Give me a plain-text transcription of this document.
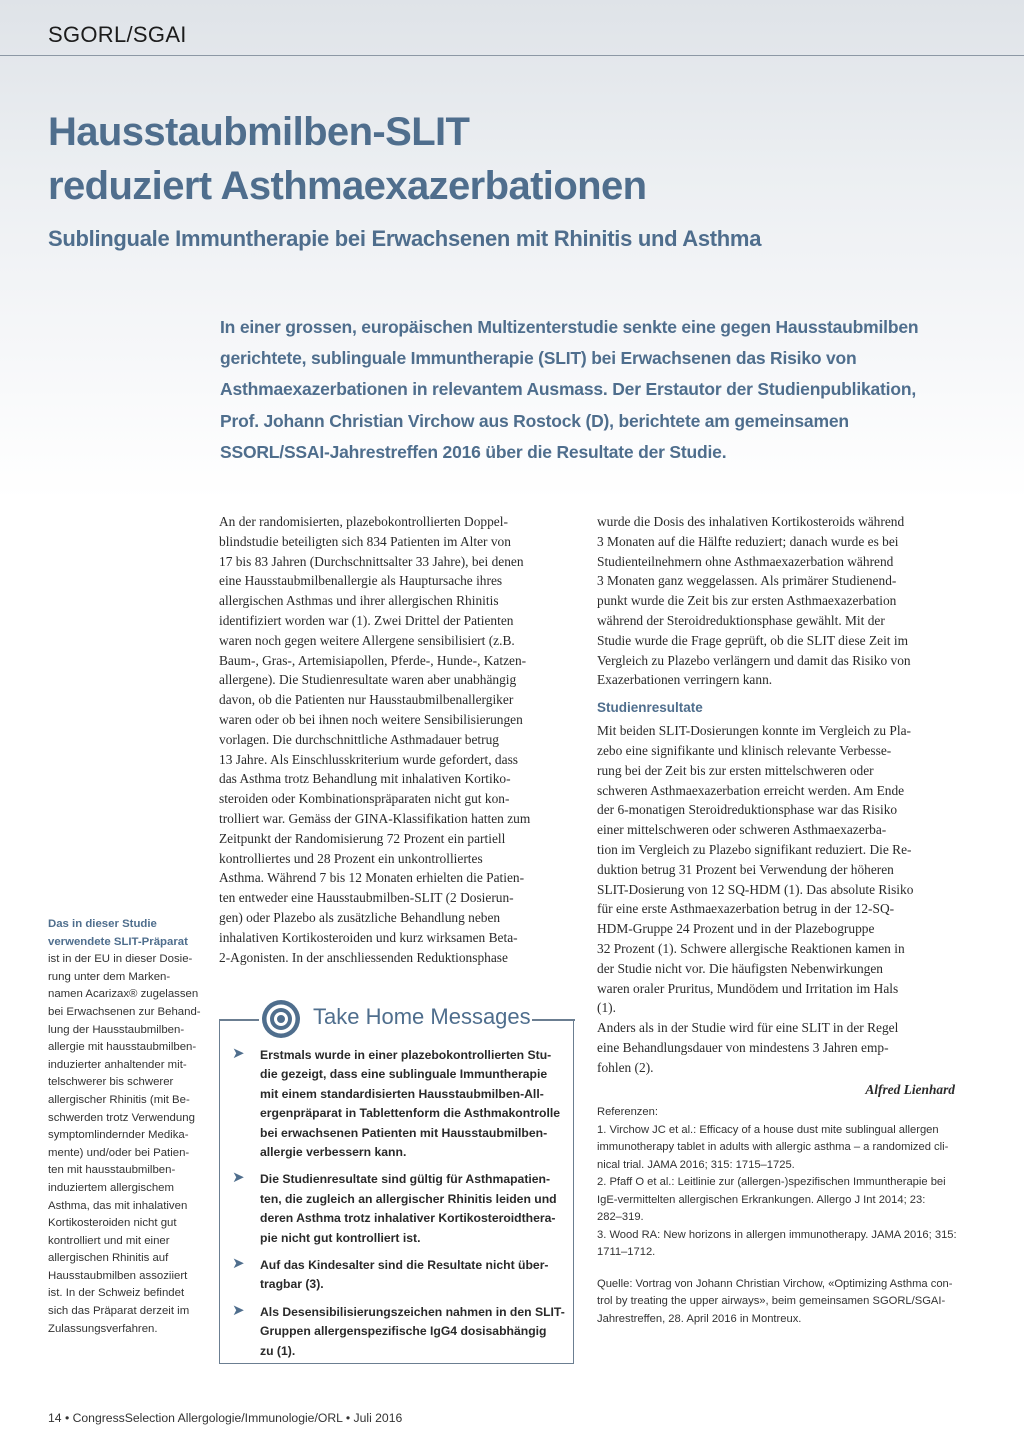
SGORL/SGAI
Hausstaubmilben-SLIT
reduziert Asthmaexazerbationen
Sublinguale Immuntherapie bei Erwachsenen mit Rhinitis und Asthma
In einer grossen, europäischen Multizenterstudie senkte eine gegen Hausstaubmilben
gerichtete, sublinguale Immuntherapie (SLIT) bei Erwachsenen das Risiko von
Asthmaexazerbationen in relevantem Ausmass. Der Erstautor der Studienpublikation,
Prof. Johann Christian Virchow aus Rostock (D), berichtete am gemeinsamen
SSORL/SSAI-Jahrestreffen 2016 über die Resultate der Studie.
An der randomisierten, plazebokontrollierten Doppel-
blindstudie beteiligten sich 834 Patienten im Alter von
17 bis 83 Jahren (Durchschnittsalter 33 Jahre), bei denen
eine Hausstaubmilbenallergie als Hauptursache ihres
allergischen Asthmas und ihrer allergischen Rhinitis
identifiziert worden war (1). Zwei Drittel der Patienten
waren noch gegen weitere Allergene sensibilisiert (z.B.
Baum-, Gras-, Artemisiapollen, Pferde-, Hunde-, Katzen-
allergene). Die Studienresultate waren aber unabhängig
davon, ob die Patienten nur Hausstaubmilbenallergiker
waren oder ob bei ihnen noch weitere Sensibilisierungen
vorlagen. Die durchschnittliche Asthmadauer betrug
13 Jahre. Als Einschlusskriterium wurde gefordert, dass
das Asthma trotz Behandlung mit inhalativen Kortiko-
steroiden oder Kombinationspräparaten nicht gut kon-
trolliert war. Gemäss der GINA-Klassifikation hatten zum
Zeitpunkt der Randomisierung 72 Prozent ein partiell
kontrolliertes und 28 Prozent ein unkontrolliertes
Asthma. Während 7 bis 12 Monaten erhielten die Patien-
ten entweder eine Hausstaubmilben-SLIT (2 Dosierun-
gen) oder Plazebo als zusätzliche Behandlung neben
inhalativen Kortikosteroiden und kurz wirksamen Beta-
2-Agonisten. In der anschliessenden Reduktionsphase
wurde die Dosis des inhalativen Kortikosteroids während
3 Monaten auf die Hälfte reduziert; danach wurde es bei
Studienteilnehmern ohne Asthmaexazerbation während
3 Monaten ganz weggelassen. Als primärer Studienend-
punkt wurde die Zeit bis zur ersten Asthmaexazerbation
während der Steroidreduktionsphase gewählt. Mit der
Studie wurde die Frage geprüft, ob die SLIT diese Zeit im
Vergleich zu Plazebo verlängern und damit das Risiko von
Exazerbationen verringern kann.
Studienresultate
Mit beiden SLIT-Dosierungen konnte im Vergleich zu Pla-
zebo eine signifikante und klinisch relevante Verbesse-
rung bei der Zeit bis zur ersten mittelschweren oder
schweren Asthmaexazerbation erreicht werden. Am Ende
der 6-monatigen Steroidreduktionsphase war das Risiko
einer mittelschweren oder schweren Asthmaexazerba-
tion im Vergleich zu Plazebo signifikant reduziert. Die Re-
duktion betrug 31 Prozent bei Verwendung der höheren
SLIT-Dosierung von 12 SQ-HDM (1). Das absolute Risiko
für eine erste Asthmaexazerbation betrug in der 12-SQ-
HDM-Gruppe 24 Prozent und in der Plazebogruppe
32 Prozent (1). Schwere allergische Reaktionen kamen in
der Studie nicht vor. Die häufigsten Nebenwirkungen
waren oraler Pruritus, Mundödem und Irritation im Hals
(1).
Anders als in der Studie wird für eine SLIT in der Regel
eine Behandlungsdauer von mindestens 3 Jahren emp-
fohlen (2).
Alfred Lienhard
Referenzen:
1. Virchow JC et al.: Efficacy of a house dust mite sublingual allergen
immunotherapy tablet in adults with allergic asthma – a randomized cli-
nical trial. JAMA 2016; 315: 1715–1725.
2. Pfaff O et al.: Leitlinie zur (allergen-)spezifischen Immuntherapie bei
IgE-vermittelten allergischen Erkrankungen. Allergo J Int 2014; 23:
282–319.
3. Wood RA: New horizons in allergen immunotherapy. JAMA 2016; 315:
1711–1712.
Quelle: Vortrag von Johann Christian Virchow, «Optimizing Asthma con-
trol by treating the upper airways», beim gemeinsamen SGORL/SGAI-
Jahrestreffen, 28. April 2016 in Montreux.
Das in dieser Studie
verwendete SLIT-Präparat
ist in der EU in dieser Dosie-
rung unter dem Marken-
namen Acarizax® zugelassen
bei Erwachsenen zur Behand-
lung der Hausstaubmilben-
allergie mit hausstaubmilben-
induzierter anhaltender mit-
telschwerer bis schwerer
allergischer Rhinitis (mit Be-
schwerden trotz Verwendung
symptomlindernder Medika-
mente) und/oder bei Patien-
ten mit hausstaubmilben-
induziertem allergischem
Asthma, das mit inhalativen
Kortikosteroiden nicht gut
kontrolliert und mit einer
allergischen Rhinitis auf
Hausstaubmilben assoziiert
ist. In der Schweiz befindet
sich das Präparat derzeit im
Zulassungsverfahren.
Take Home Messages
➤ Erstmals wurde in einer plazebokontrollierten Stu-
die gezeigt, dass eine sublinguale Immuntherapie
mit einem standardisierten Hausstaubmilben-All-
ergenpräparat in Tablettenform die Asthmakontrolle
bei erwachsenen Patienten mit Hausstaubmilben-
allergie verbessern kann.
➤ Die Studienresultate sind gültig für Asthmapatien-
ten, die zugleich an allergischer Rhinitis leiden und
deren Asthma trotz inhalativer Kortikosteroidthera-
pie nicht gut kontrolliert ist.
➤ Auf das Kindesalter sind die Resultate nicht über-
tragbar (3).
➤ Als Desensibilisierungszeichen nahmen in den SLIT-
Gruppen allergenspezifische IgG4 dosisabhängig
zu (1).
14 • CongressSelection Allergologie/Immunologie/ORL • Juli 2016
